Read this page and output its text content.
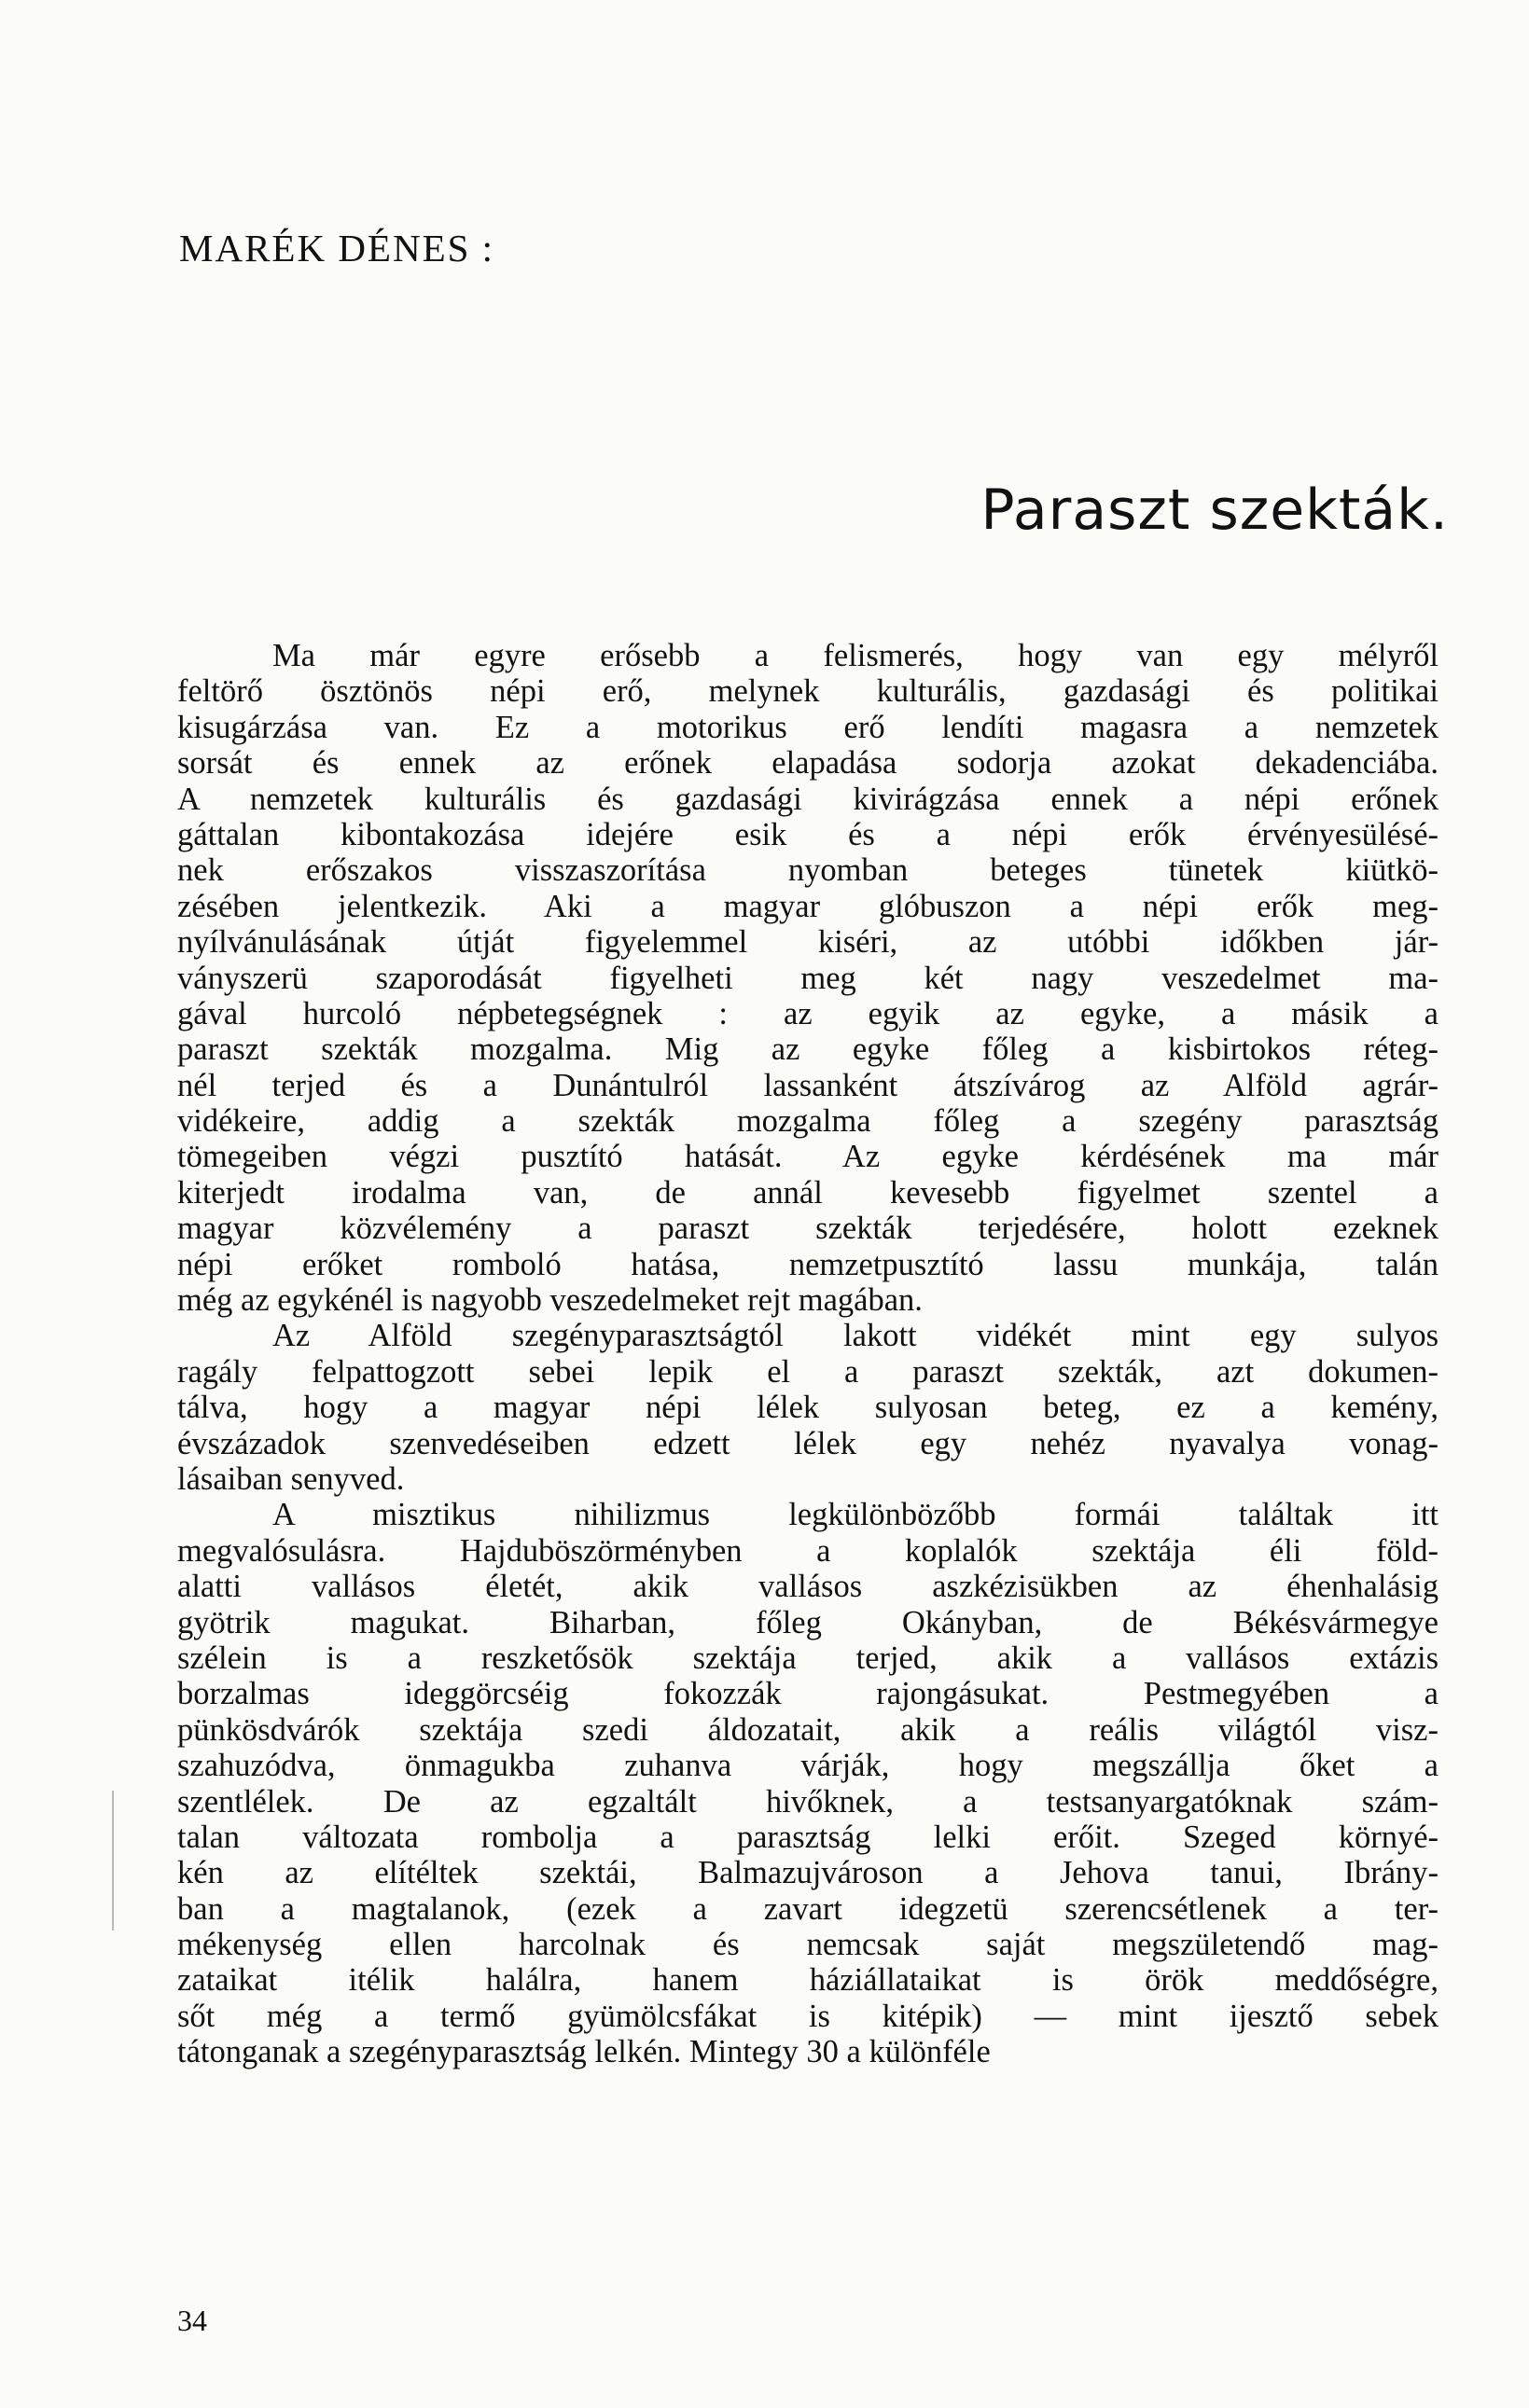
MARÉK DÉNES :
Paraszt szekták.
Ma már egyre erősebb a felismerés, hogy van egy mélyről
feltörő ösztönös népi erő, melynek kulturális, gazdasági és politikai
kisugárzása van. Ez a motorikus erő lendíti magasra a nemzetek
sorsát és ennek az erőnek elapadása sodorja azokat dekadenciába.
A nemzetek kulturális és gazdasági kivirágzása ennek a népi erőnek
gáttalan kibontakozása idejére esik és a népi erők érvényesülésé-
nek erőszakos visszaszorítása nyomban beteges tünetek kiütkö-
zésében jelentkezik. Aki a magyar glóbuszon a népi erők meg-
nyílvánulásának útját figyelemmel kiséri, az utóbbi időkben jár-
ványszerü szaporodását figyelheti meg két nagy veszedelmet ma-
gával hurcoló népbetegségnek : az egyik az egyke, a másik a
paraszt szekták mozgalma. Mig az egyke főleg a kisbirtokos réteg-
nél terjed és a Dunántulról lassanként átszívárog az Alföld agrár-
vidékeire, addig a szekták mozgalma főleg a szegény parasztság
tömegeiben végzi pusztító hatását. Az egyke kérdésének ma már
kiterjedt irodalma van, de annál kevesebb figyelmet szentel a
magyar közvélemény a paraszt szekták terjedésére, holott ezeknek
népi erőket romboló hatása, nemzetpusztító lassu munkája, talán
még az egykénél is nagyobb veszedelmeket rejt magában.
Az Alföld szegényparasztságtól lakott vidékét mint egy sulyos
ragály felpattogzott sebei lepik el a paraszt szekták, azt dokumen-
tálva, hogy a magyar népi lélek sulyosan beteg, ez a kemény,
évszázadok szenvedéseiben edzett lélek egy nehéz nyavalya vonag-
lásaiban senyved.
A misztikus nihilizmus legkülönbözőbb formái találtak itt
megvalósulásra. Hajduböszörményben a koplalók szektája éli föld-
alatti vallásos életét, akik vallásos aszkézisükben az éhenhalásig
gyötrik magukat. Biharban, főleg Okányban, de Békésvármegye
szélein is a reszketősök szektája terjed, akik a vallásos extázis
borzalmas ideggörcséig fokozzák rajongásukat. Pestmegyében a
pünkösdvárók szektája szedi áldozatait, akik a reális világtól visz-
szahuzódva, önmagukba zuhanva várják, hogy megszállja őket a
szentlélek. De az egzaltált hivőknek, a testsanyargatóknak szám-
talan változata rombolja a parasztság lelki erőit. Szeged környé-
kén az elítéltek szektái, Balmazujvároson a Jehova tanui, Ibrány-
ban a magtalanok, (ezek a zavart idegzetü szerencsétlenek a ter-
mékenység ellen harcolnak és nemcsak saját megszületendő mag-
zataikat itélik halálra, hanem háziállataikat is örök meddőségre,
sőt még a termő gyümölcsfákat is kitépik) — mint ijesztő sebek
tátonganak a szegényparasztság lelkén. Mintegy 30 a különféle
34
